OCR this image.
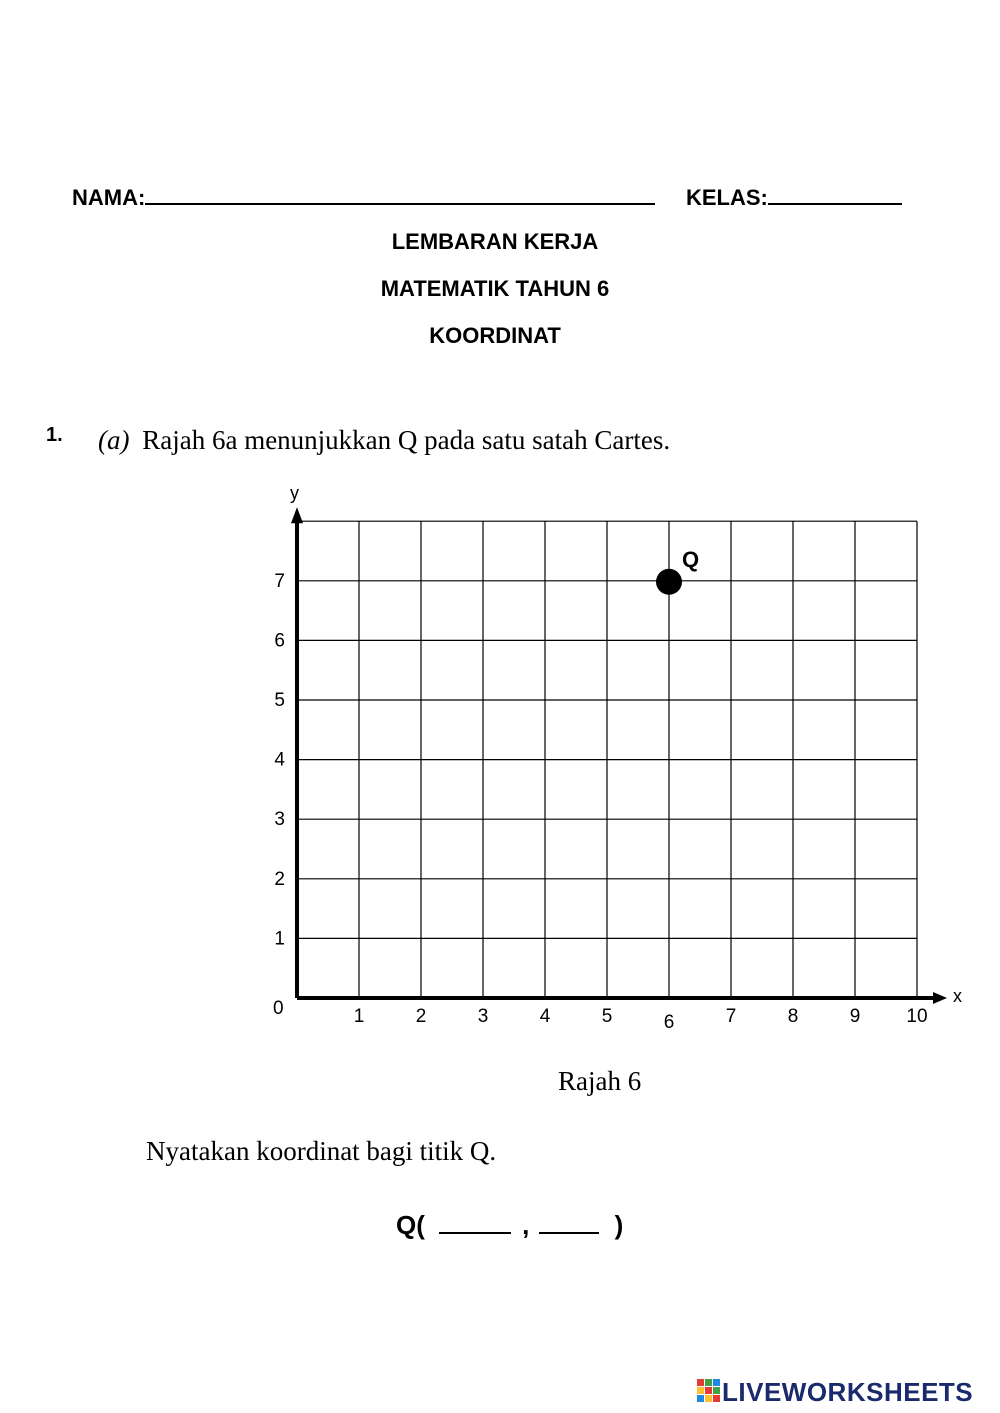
NAMA:	KELAS:
LEMBARAN KERJA
MATEMATIK TAHUN 6
KOORDINAT
1. (a) Rajah 6a menunjukkan Q pada satu satah Cartes.
x
y
0	1	2	3	4	5	6	7	8	9 10
1
2
3
4
5
6
7
Q
Rajah 6
Nyatakan koordinat bagi titik Q.
Q(	,	)
LIVEWORKSHEETS
